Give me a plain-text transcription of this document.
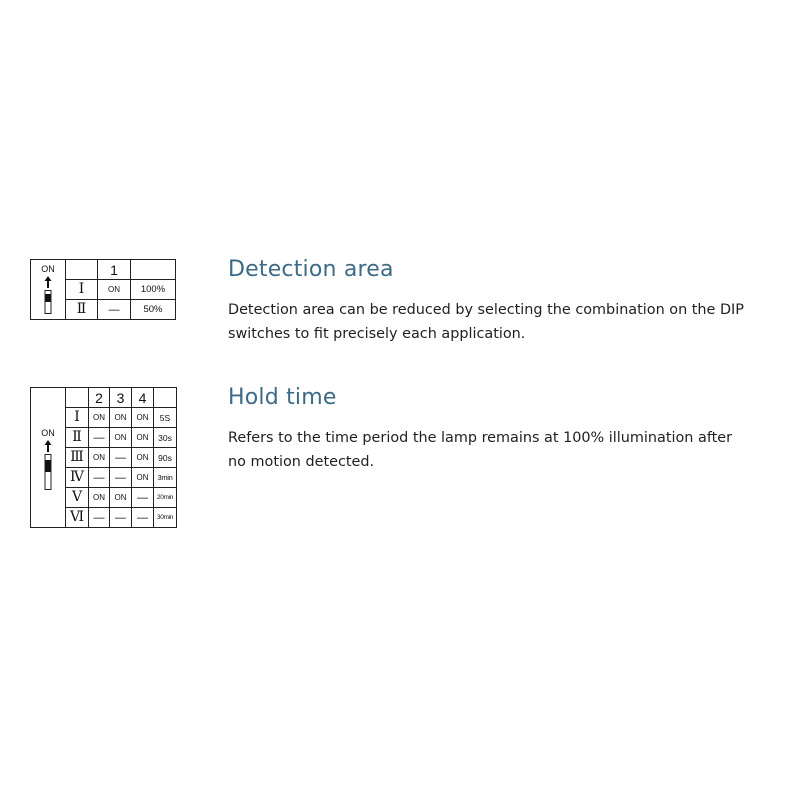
ON		1	
	Ⅰ	ON	100%
	Ⅱ	—	50%
Detection area

Detection area can be reduced by selecting the combination on the DIP switches to fit precisely each application.

ON		2	3	4	
	Ⅰ	ON	ON	ON	5S
	Ⅱ	—	ON	ON	30s
	Ⅲ	ON	—	ON	90s
	Ⅳ	—	—	ON	3min
	Ⅴ	ON	ON	—	20min
	Ⅵ	—	—	—	30min
Hold time

Refers to the time period the lamp remains at 100% illumination after no motion detected.
